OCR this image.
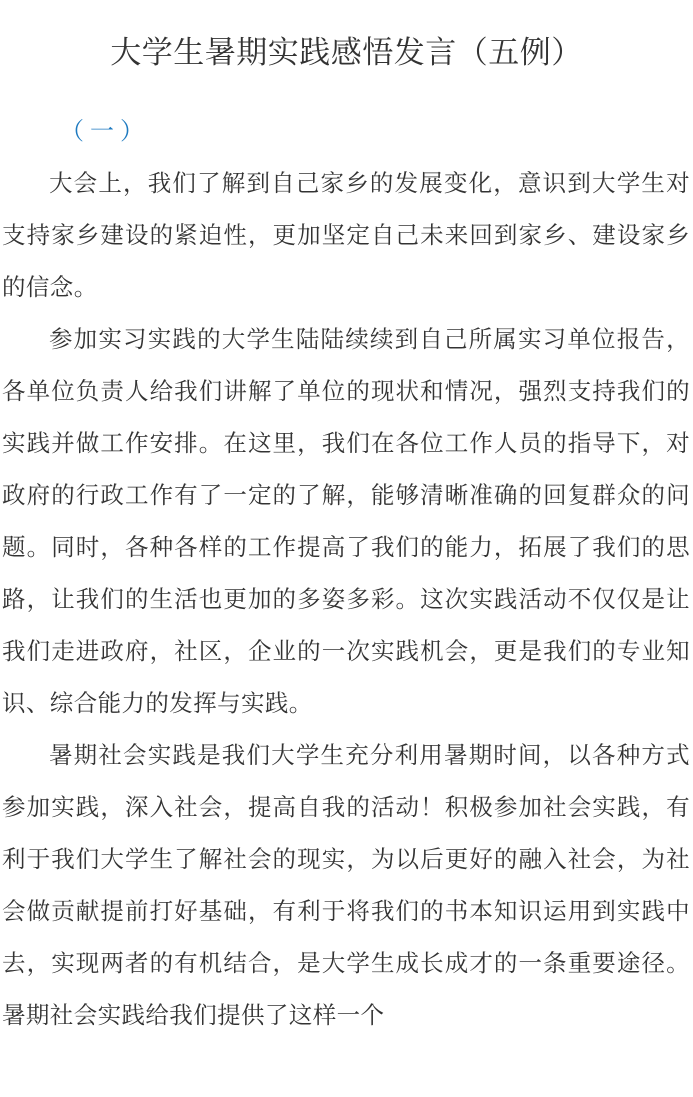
大学生暑期实践感悟发言（五例）
（一）

大会上，我们了解到自己家乡的发展变化，意识到大学生对支持家乡建设的紧迫性，更加坚定自己未来回到家乡、建设家乡的信念。

参加实习实践的大学生陆陆续续到自己所属实习单位报告，各单位负责人给我们讲解了单位的现状和情况，强烈支持我们的实践并做工作安排。在这里，我们在各位工作人员的指导下，对政府的行政工作有了一定的了解，能够清晰准确的回复群众的问题。同时，各种各样的工作提高了我们的能力，拓展了我们的思路，让我们的生活也更加的多姿多彩。这次实践活动不仅仅是让我们走进政府，社区，企业的一次实践机会，更是我们的专业知识、综合能力的发挥与实践。

暑期社会实践是我们大学生充分利用暑期时间，以各种方式参加实践，深入社会，提高自我的活动！积极参加社会实践，有利于我们大学生了解社会的现实，为以后更好的融入社会，为社会做贡献提前打好基础，有利于将我们的书本知识运用到实践中去，实现两者的有机结合，是大学生成长成才的一条重要途径。暑期社会实践给我们提供了这样一个
